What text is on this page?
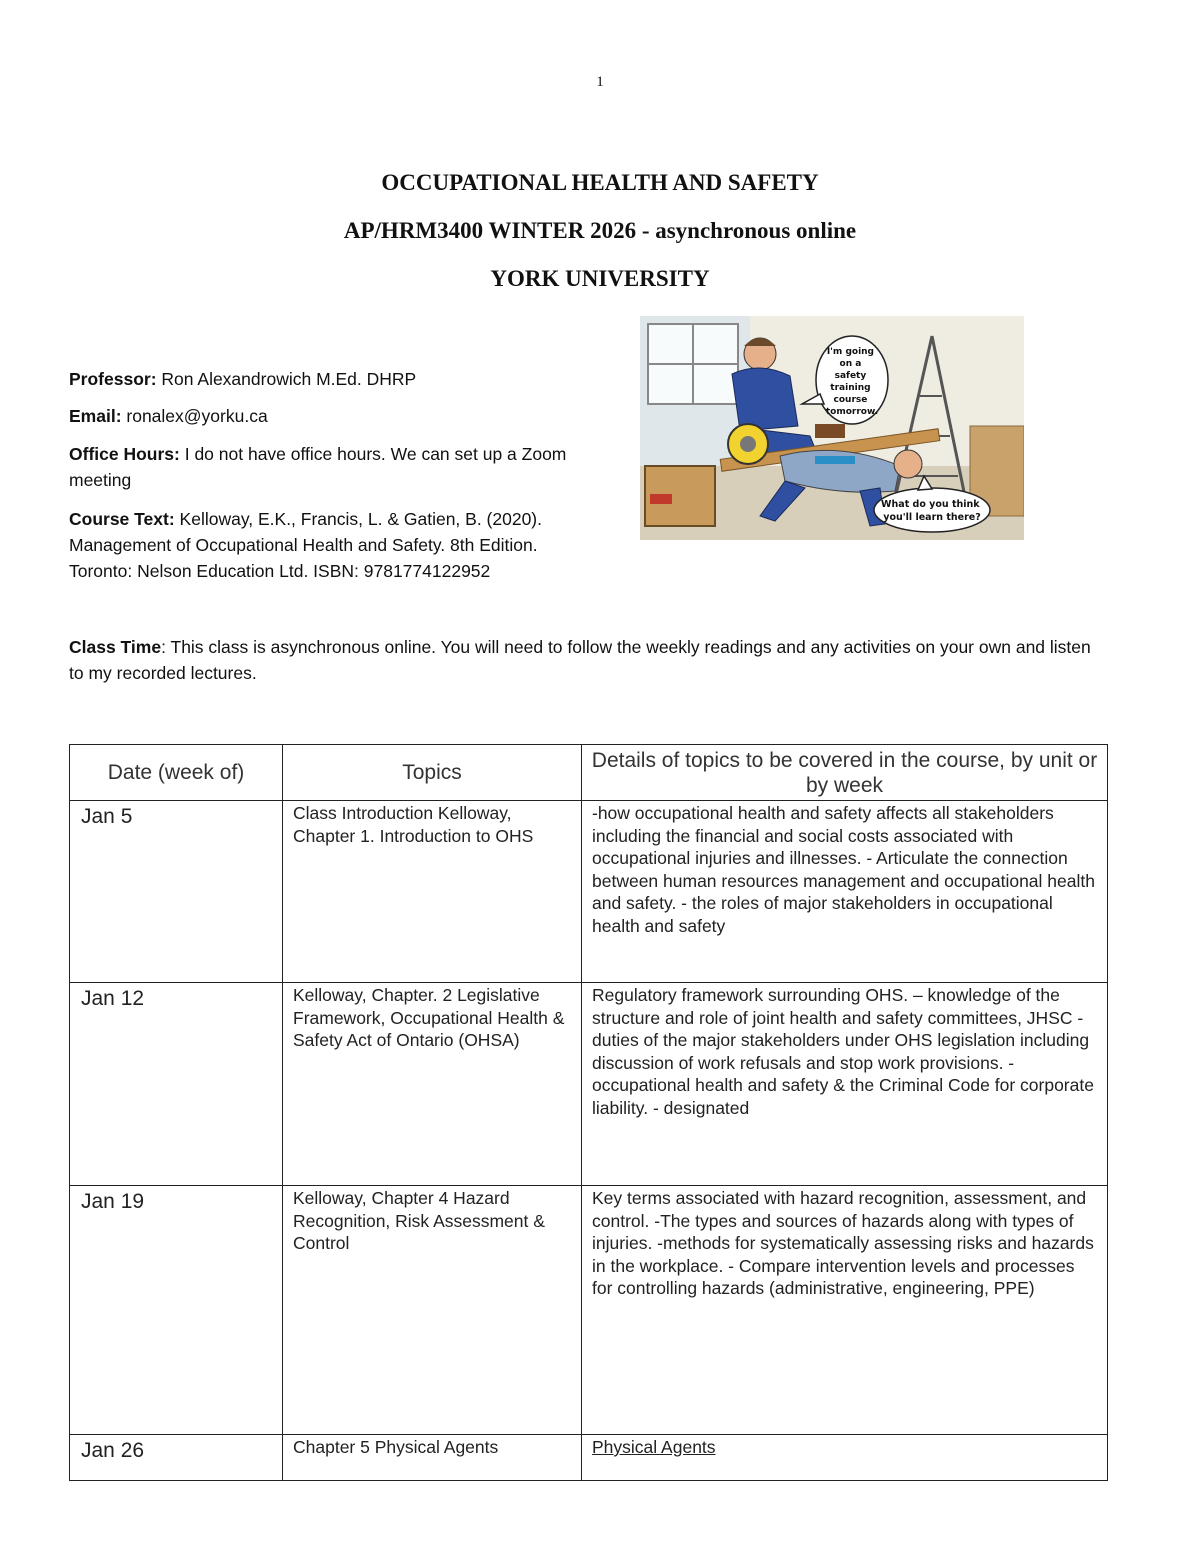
1
OCCUPATIONAL HEALTH AND SAFETY
AP/HRM3400 WINTER 2026 - asynchronous online
YORK UNIVERSITY
Professor: Ron Alexandrowich M.Ed. DHRP
Email: ronalex@yorku.ca
Office Hours: I do not have office hours. We can set up a Zoom meeting
Course Text: Kelloway, E.K., Francis, L. & Gatien, B. (2020). Management of Occupational Health and Safety. 8th Edition. Toronto: Nelson Education Ltd. ISBN: 9781774122952
I'm going on a safety training course tomorrow.
What do you think you'll learn there?
Class Time: This class is asynchronous online. You will need to follow the weekly readings and any activities on your own and listen to my recorded lectures.
Date (week of)	Topics	Details of topics to be covered in the course, by unit or by week
Jan 5	Class Introduction Kelloway, Chapter 1. Introduction to OHS	-how occupational health and safety affects all stakeholders including the financial and social costs associated with occupational injuries and illnesses. - Articulate the connection between human resources management and occupational health and safety. - the roles of major stakeholders in occupational health and safety
Jan 12	Kelloway, Chapter. 2 Legislative Framework, Occupational Health & Safety Act of Ontario (OHSA)	Regulatory framework surrounding OHS. – knowledge of the structure and role of joint health and safety committees, JHSC - duties of the major stakeholders under OHS legislation including discussion of work refusals and stop work provisions. -occupational health and safety & the Criminal Code for corporate liability. - designated
Jan 19	Kelloway, Chapter 4 Hazard Recognition, Risk Assessment & Control	Key terms associated with hazard recognition, assessment, and control. -The types and sources of hazards along with types of injuries. -methods for systematically assessing risks and hazards in the workplace. - Compare intervention levels and processes for controlling hazards (administrative, engineering, PPE)
Jan 26	Chapter 5 Physical Agents	Physical Agents
